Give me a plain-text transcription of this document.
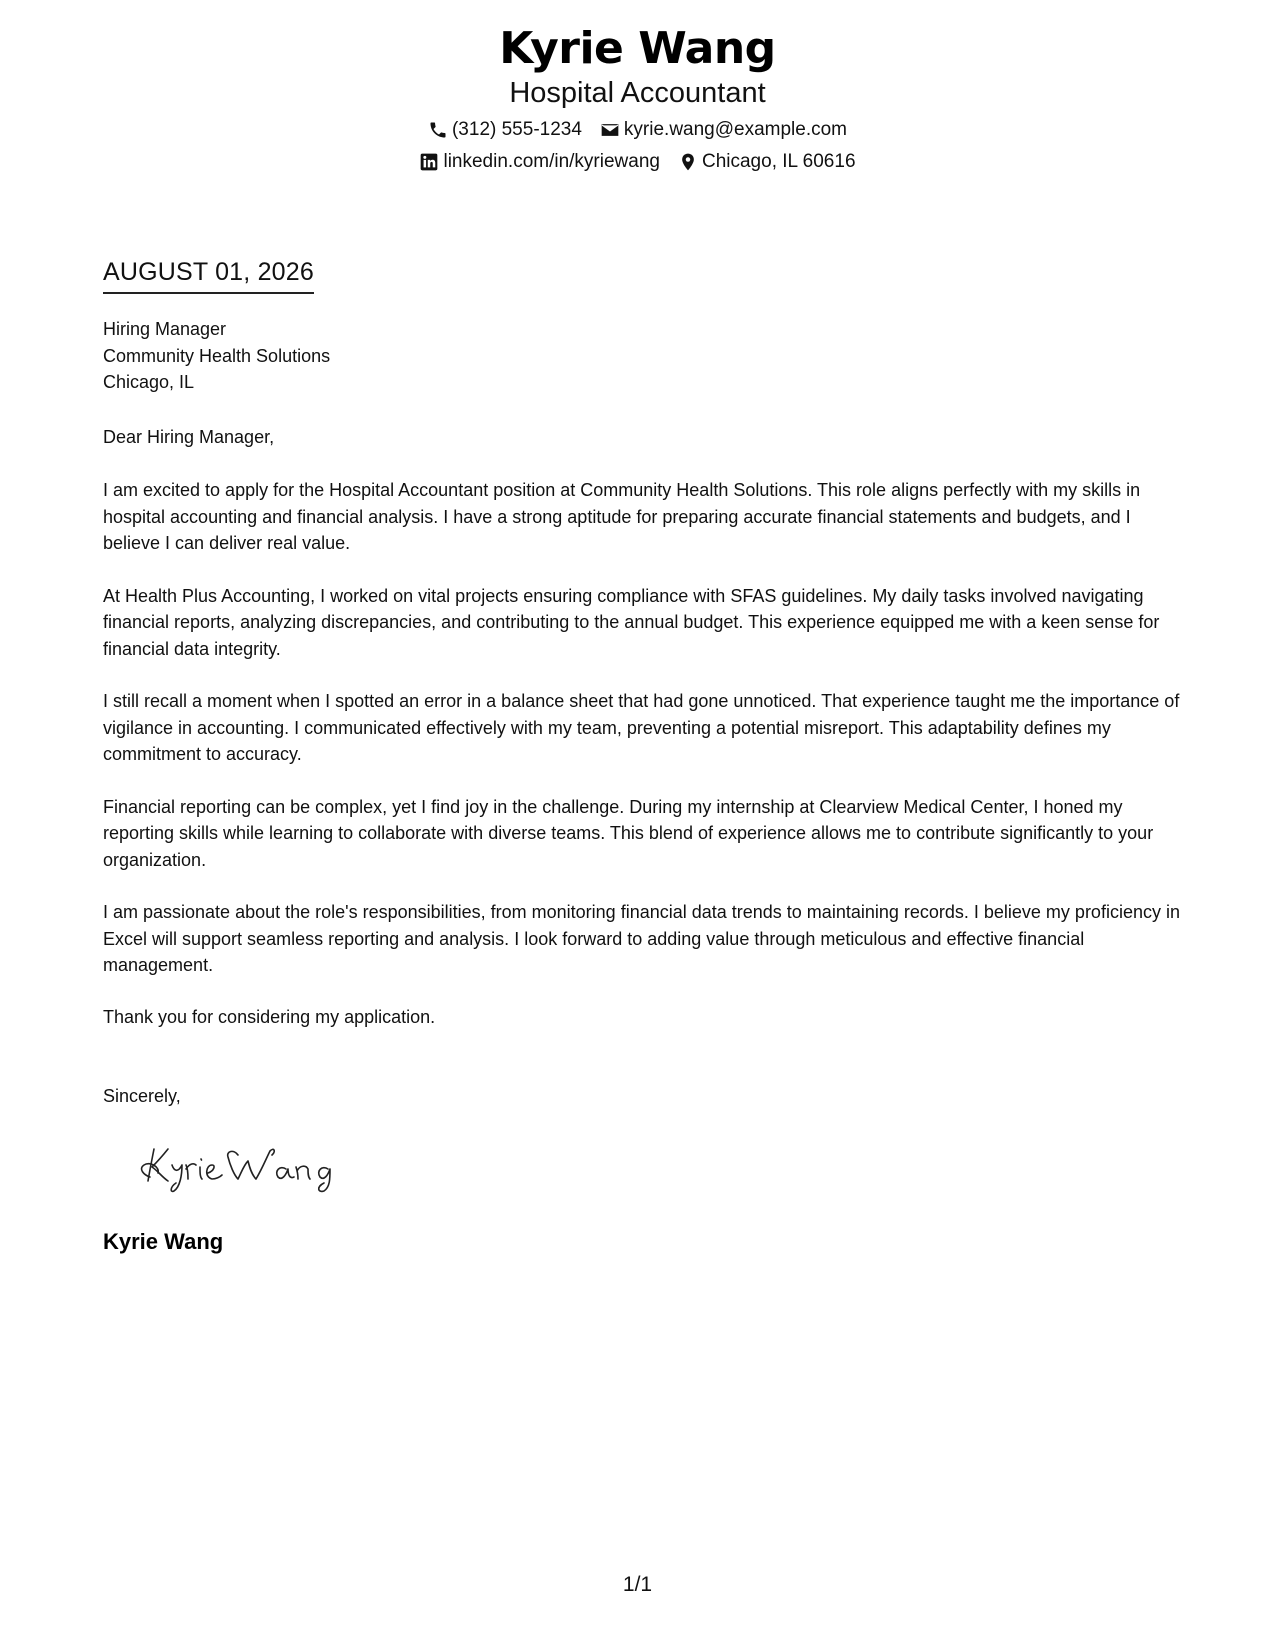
Kyrie Wang
Hospital Accountant
(312) 555-1234 kyrie.wang@example.com
linkedin.com/in/kyriewang Chicago, IL 60616
AUGUST 01, 2026
Hiring Manager
Community Health Solutions
Chicago, IL
Dear Hiring Manager,

I am excited to apply for the Hospital Accountant position at Community Health Solutions. This role aligns perfectly with my skills in hospital accounting and financial analysis. I have a strong aptitude for preparing accurate financial statements and budgets, and I believe I can deliver real value.

At Health Plus Accounting, I worked on vital projects ensuring compliance with SFAS guidelines. My daily tasks involved navigating financial reports, analyzing discrepancies, and contributing to the annual budget. This experience equipped me with a keen sense for financial data integrity.

I still recall a moment when I spotted an error in a balance sheet that had gone unnoticed. That experience taught me the importance of vigilance in accounting. I communicated effectively with my team, preventing a potential misreport. This adaptability defines my commitment to accuracy.

Financial reporting can be complex, yet I find joy in the challenge. During my internship at Clearview Medical Center, I honed my reporting skills while learning to collaborate with diverse teams. This blend of experience allows me to contribute significantly to your organization.

I am passionate about the role's responsibilities, from monitoring financial data trends to maintaining records. I believe my proficiency in Excel will support seamless reporting and analysis. I look forward to adding value through meticulous and effective financial management.

Thank you for considering my application.
Sincerely,
Kyrie Wang
1/1
